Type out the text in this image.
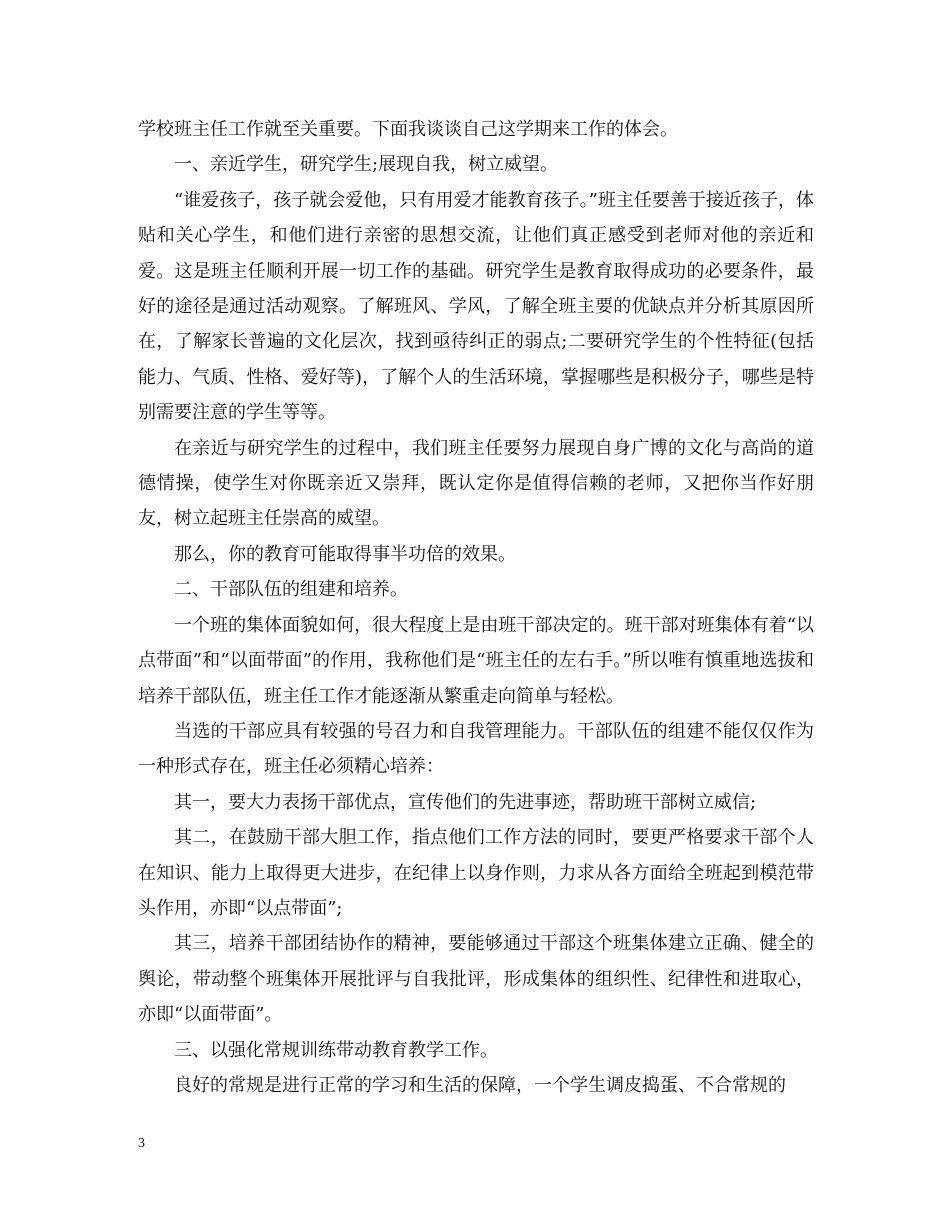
学校班主任工作就至关重要。下面我谈谈自己这学期来工作的体会。

一、亲近学生，研究学生;展现自我，树立威望。

“谁爱孩子，孩子就会爱他，只有用爱才能教育孩子。”班主任要善于接近孩子，体贴和关心学生，和他们进行亲密的思想交流，让他们真正感受到老师对他的亲近和爱。这是班主任顺利开展一切工作的基础。研究学生是教育取得成功的必要条件，最好的途径是通过活动观察。了解班风、学风，了解全班主要的优缺点并分析其原因所在，了解家长普遍的文化层次，找到亟待纠正的弱点;二要研究学生的个性特征(包括能力、气质、性格、爱好等)，了解个人的生活环境，掌握哪些是积极分子，哪些是特别需要注意的学生等等。

在亲近与研究学生的过程中，我们班主任要努力展现自身广博的文化与高尚的道德情操，使学生对你既亲近又崇拜，既认定你是值得信赖的老师，又把你当作好朋友，树立起班主任崇高的威望。

那么，你的教育可能取得事半功倍的效果。

二、干部队伍的组建和培养。

一个班的集体面貌如何，很大程度上是由班干部决定的。班干部对班集体有着“以点带面”和“以面带面”的作用，我称他们是“班主任的左右手。”所以唯有慎重地选拔和培养干部队伍，班主任工作才能逐渐从繁重走向简单与轻松。

当选的干部应具有较强的号召力和自我管理能力。干部队伍的组建不能仅仅作为一种形式存在，班主任必须精心培养：

其一，要大力表扬干部优点，宣传他们的先进事迹，帮助班干部树立威信;

其二，在鼓励干部大胆工作，指点他们工作方法的同时，要更严格要求干部个人在知识、能力上取得更大进步，在纪律上以身作则，力求从各方面给全班起到模范带头作用，亦即“以点带面”;

其三，培养干部团结协作的精神，要能够通过干部这个班集体建立正确、健全的舆论，带动整个班集体开展批评与自我批评，形成集体的组织性、纪律性和进取心，亦即“以面带面”。

三、以强化常规训练带动教育教学工作。

良好的常规是进行正常的学习和生活的保障，一个学生调皮捣蛋、不合常规的

3
